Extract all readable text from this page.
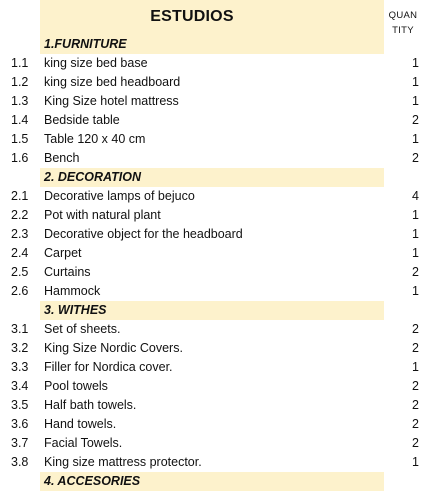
ESTUDIOS	QUAN
TITY
1.FURNITURE
1.1 king size bed base	1
1.2 king size bed headboard	1
1.3 King Size hotel mattress	1
1.4 Bedside table	2
1.5 Table 120 x 40 cm	1
1.6 Bench	2
2. DECORATION
2.1 Decorative lamps of bejuco	4
2.2 Pot with natural plant	1
2.3 Decorative object for the headboard	1
2.4 Carpet	1
2.5 Curtains	2
2.6 Hammock	1
3. WITHES
3.1 Set of sheets.	2
3.2 King Size Nordic Covers.	2
3.3 Filler for Nordica cover.	1
3.4 Pool towels	2
3.5 Half bath towels.	2
3.6 Hand towels.	2
3.7 Facial Towels.	2
3.8 King size mattress protector.	1
4. ACCESORIES
